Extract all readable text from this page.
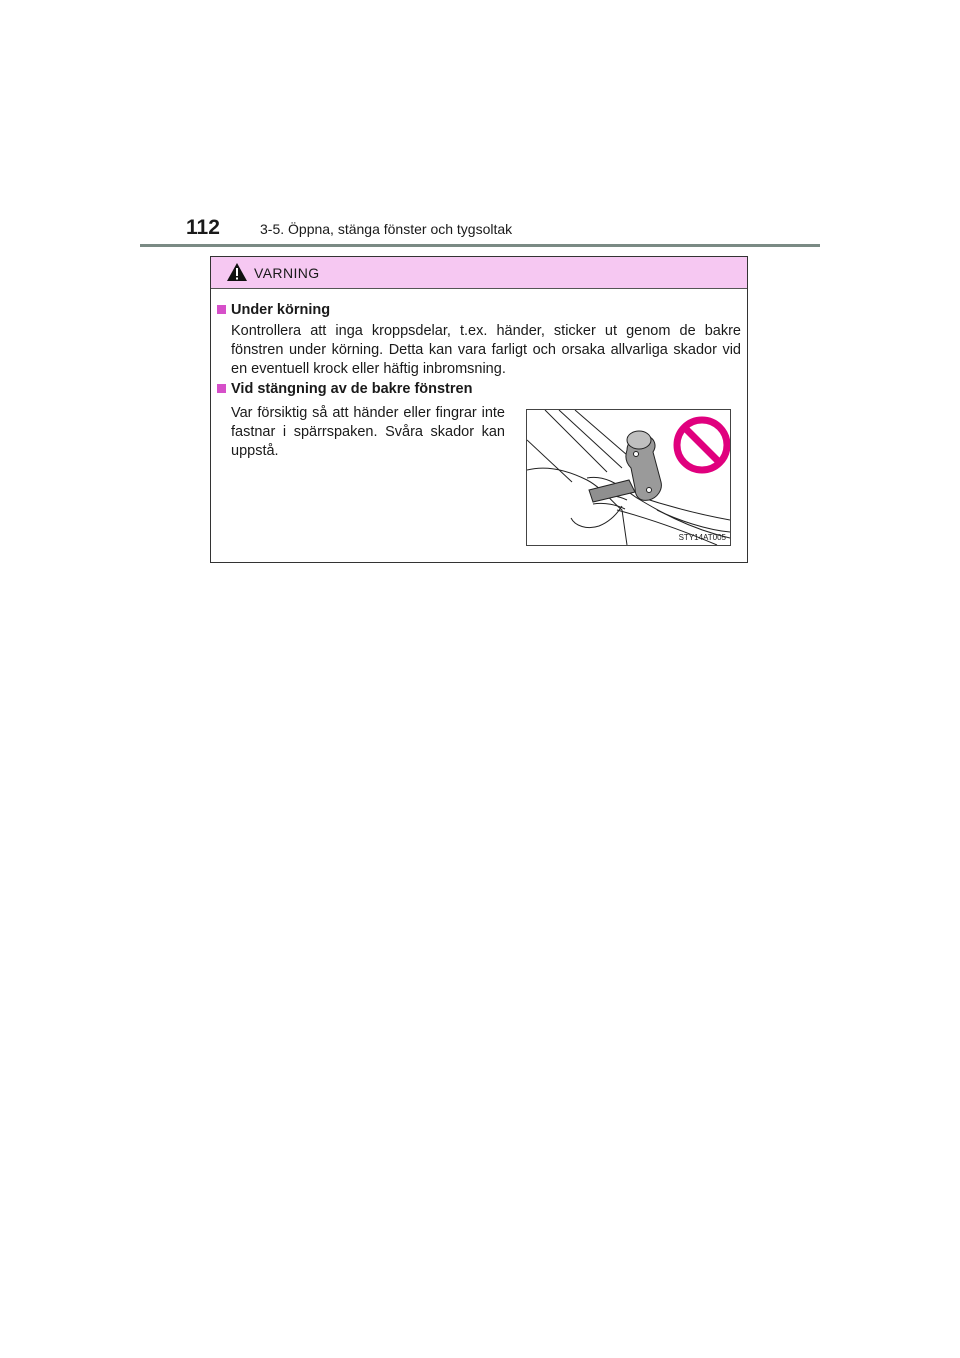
112	3-5. Öppna, stänga fönster och tygsoltak
VARNING
Under körning
Kontrollera att inga kroppsdelar, t.ex. händer, sticker ut genom de bakre fönstren under körning. Detta kan vara farligt och orsaka allvarliga skador vid en eventuell krock eller häftig inbromsning.
Vid stängning av de bakre fönstren
Var försiktig så att händer eller fingrar inte fastnar i spärrspaken. Svåra skador kan uppstå.
STY14AT005
